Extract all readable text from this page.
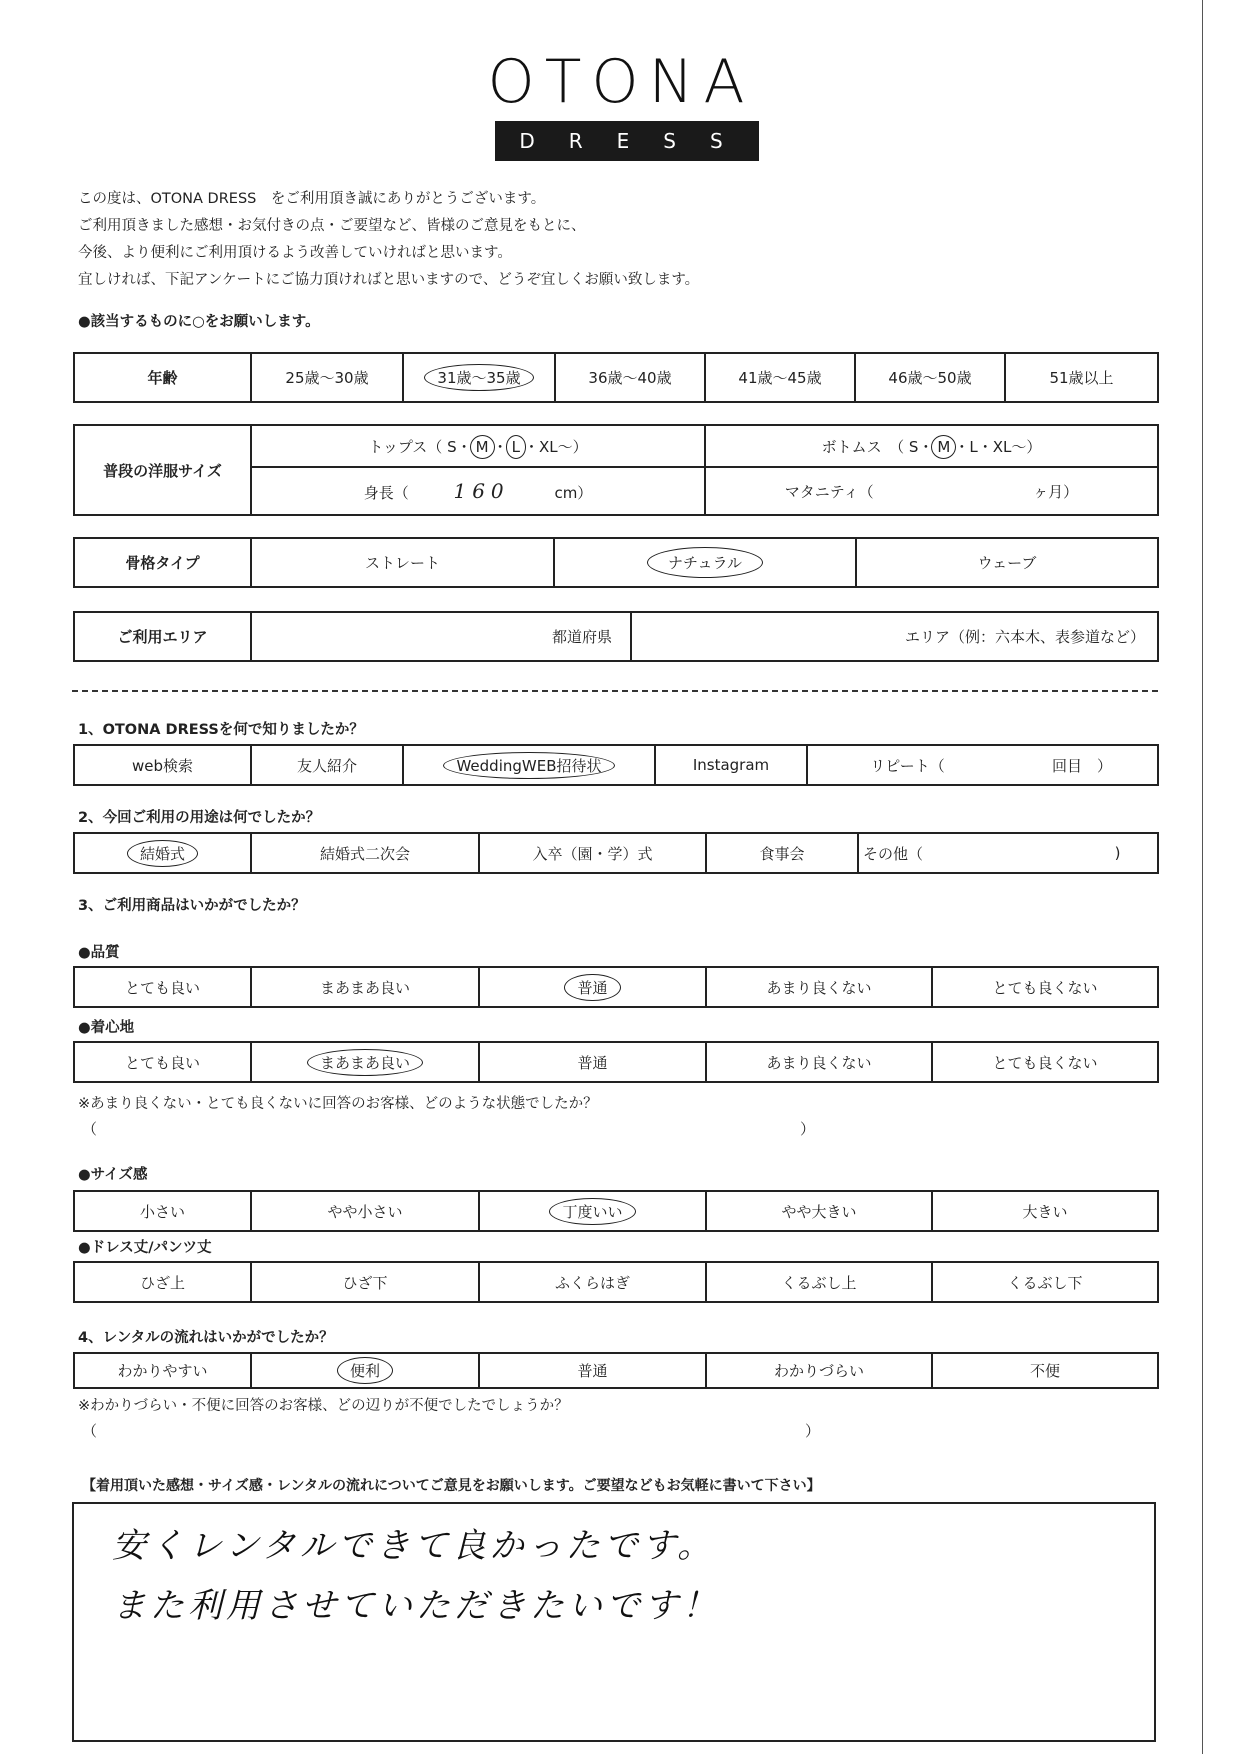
OTONA
DRESS
この度は、OTONA DRESS　をご利用頂き誠にありがとうございます。
ご利用頂きました感想・お気付きの点・ご要望など、皆様のご意見をもとに、
今後、より便利にご利用頂けるよう改善していければと思います。
宜しければ、下記アンケートにご協力頂ければと思いますので、どうぞ宜しくお願い致します。
●該当するものに○をお願いします。
年齢	25歳～30歳	31歳～35歳	36歳～40歳	41歳～45歳	46歳～50歳	51歳以上
普段の洋服サイズ	トップス（ S・ M ・ L ・XL～）	ボトムス　（ S・ M ・L・XL～）
	身長（ 160 cm）	マタニティ（ ヶ月）
骨格タイプ	ストレート	ナチュラル	ウェーブ
ご利用エリア	都道府県	エリア（例：六本木、表参道など）
1、OTONA DRESSを何で知りましたか？
web検索	友人紹介	WeddingWEB招待状	Instagram	リピート（	回目　）
2、今回ご利用の用途は何でしたか？
結婚式	結婚式二次会	入卒（園・学）式	食事会	その他（	)
3、ご利用商品はいかがでしたか？
●品質
とても良い	まあまあ良い	普通	あまり良くない	とても良くない
●着心地
とても良い	まあまあ良い	普通	あまり良くない	とても良くない
※あまり良くない・とても良くないに回答のお客様、どのような状態でしたか？
（	）
●サイズ感
小さい	やや小さい	丁度いい	やや大きい	大きい
●ドレス丈/パンツ丈
ひざ上	ひざ下	ふくらはぎ	くるぶし上	くるぶし下
4、レンタルの流れはいかがでしたか？
わかりやすい	便利	普通	わかりづらい	不便
※わかりづらい・不便に回答のお客様、どの辺りが不便でしたでしょうか？
（	）
【着用頂いた感想・サイズ感・レンタルの流れについてご意見をお願いします。ご要望などもお気軽に書いて下さい】
安くレンタルできて良かったです。
また利用させていただきたいです！
